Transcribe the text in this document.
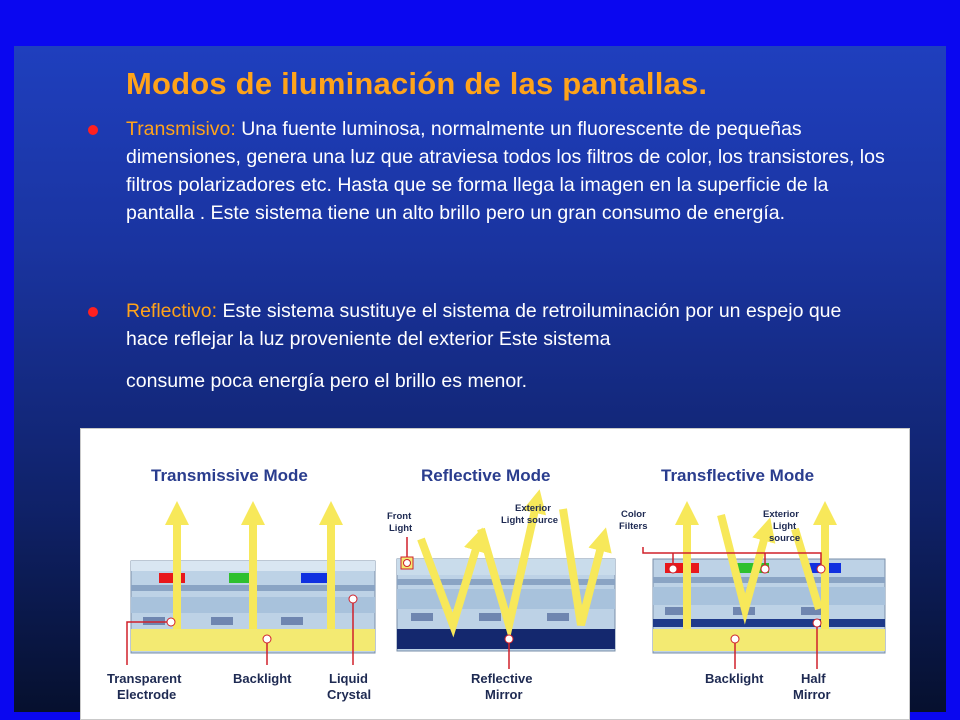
Modos de iluminación de las pantallas.
Transmisivo: Una fuente luminosa, normalmente un fluorescente de pequeñas dimensiones, genera una luz que atraviesa todos los filtros de color, los transistores, los filtros polarizadores etc. Hasta que se forma llega la imagen en la superficie de la pantalla . Este sistema tiene un alto brillo pero un gran consumo de energía.
Reflectivo: Este sistema sustituye el sistema de retroiluminación por un espejo que hace reflejar la luz proveniente del exterior Este sistema
consume poca energía pero el brillo es menor.
Transmissive Mode
Transparent
Electrode
Backlight	Liquid
Crystal
Reflective Mode
Front
Light
Exterior
Light source
Reflective
Mirror
Transflective Mode
Color
Filters
Exterior
Light
source
Backlight	Half
Mirror
